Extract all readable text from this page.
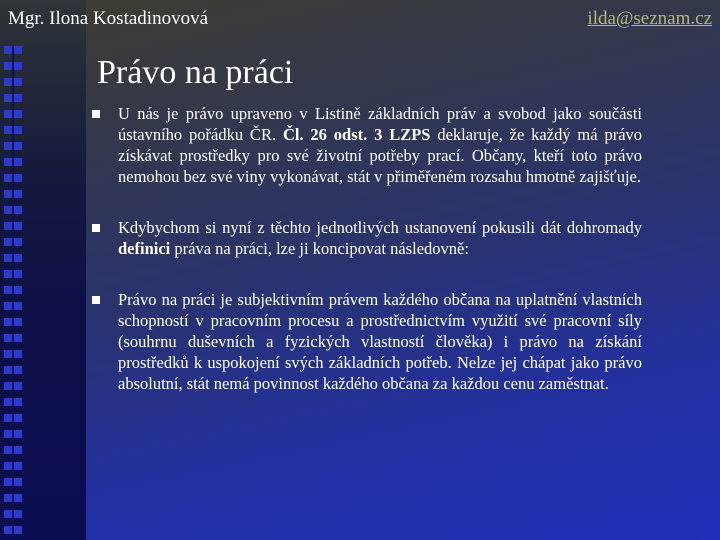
Mgr. Ilona Kostadinovová	ilda@seznam.cz
Právo na práci
U nás je právo upraveno v Listině základních práv a svobod jako součásti ústavního pořádku ČR. Čl. 26 odst. 3 LZPS deklaruje, že každý má právo získávat prostředky pro své životní potřeby prací. Občany, kteří toto právo nemohou bez své viny vykonávat, stát v přiměřeném rozsahu hmotně zajišťuje.
Kdybychom si nyní z těchto jednotlivých ustanovení pokusili dát dohromady definici práva na práci, lze ji koncipovat následovně:
Právo na práci je subjektivním právem každého občana na uplatnění vlastních schopností v pracovním procesu a prostřednictvím využití své pracovní síly (souhrnu duševních a fyzických vlastností člověka) i právo na získání prostředků k uspokojení svých základních potřeb. Nelze jej chápat jako právo absolutní, stát nemá povinnost každého občana za každou cenu zaměstnat.
